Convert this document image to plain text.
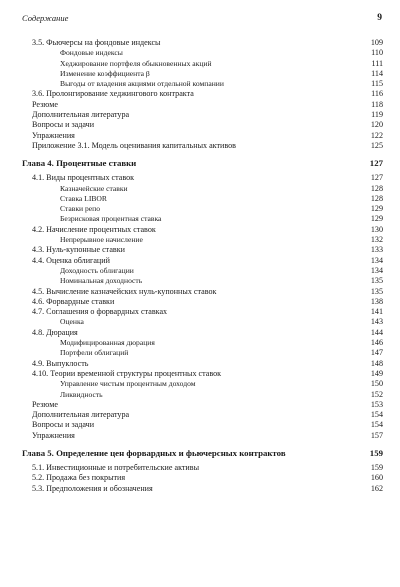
Содержание	9
3.5. Фьючерсы на фондовые индексы	109
Фондовые индексы	110
Хеджирование портфеля обыкновенных акций	111
Изменение коэффициента β	114
Выгоды от владения акциями отдельной компании	115
3.6. Пролонгирование хеджингового контракта	116
Резюме	118
Дополнительная литература	119
Вопросы и задачи	120
Упражнения	122
Приложение 3.1. Модель оценивания капитальных активов	125
Глава 4. Процентные ставки	127
4.1. Виды процентных ставок	127
Казначейские ставки	128
Ставка LIBOR	128
Ставки репо	129
Безрисковая процентная ставка	129
4.2. Начисление процентных ставок	130
Непрерывное начисление	132
4.3. Нуль-купонные ставки	133
4.4. Оценка облигаций	134
Доходность облигации	134
Номинальная доходность	135
4.5. Вычисление казначейских нуль-купонных ставок	135
4.6. Форвардные ставки	138
4.7. Соглашения о форвардных ставках	141
Оценка	143
4.8. Дюрация	144
Модифицированная дюрация	146
Портфели облигаций	147
4.9. Выпуклость	148
4.10. Теории временной структуры процентных ставок	149
Управление чистым процентным доходом	150
Ликвидность	152
Резюме	153
Дополнительная литература	154
Вопросы и задачи	154
Упражнения	157
Глава 5. Определение цен форвардных и фьючерсных контрактов	159
5.1. Инвестиционные и потребительские активы	159
5.2. Продажа без покрытия	160
5.3. Предположения и обозначения	162
